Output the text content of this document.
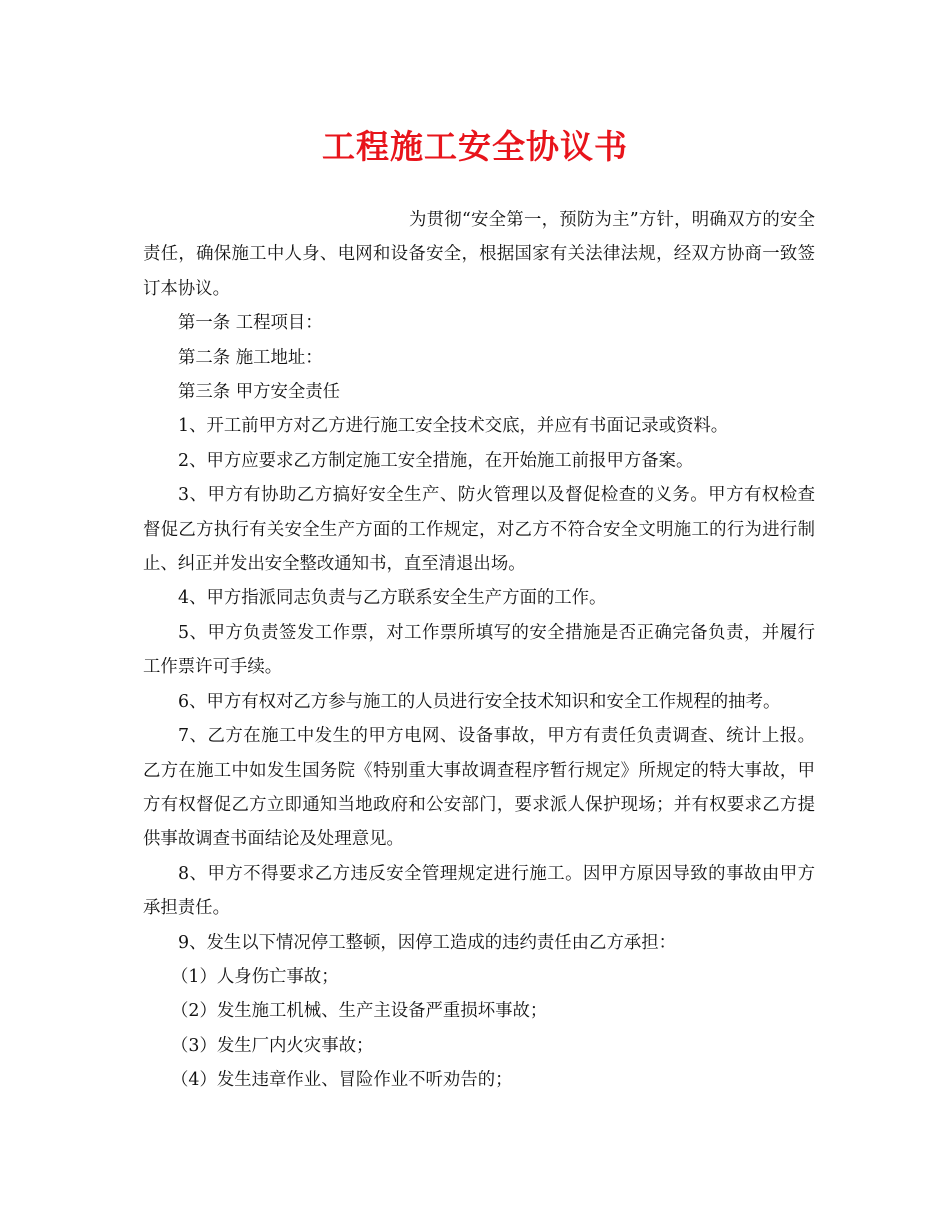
工程施工安全协议书

为贯彻“安全第一，预防为主”方针，明确双方的安全责任，确保施工中人身、电网和设备安全，根据国家有关法律法规，经双方协商一致签订本协议。

第一条 工程项目：

第二条 施工地址：

第三条 甲方安全责任

1、开工前甲方对乙方进行施工安全技术交底，并应有书面记录或资料。

2、甲方应要求乙方制定施工安全措施，在开始施工前报甲方备案。

3、甲方有协助乙方搞好安全生产、防火管理以及督促检查的义务。甲方有权检查督促乙方执行有关安全生产方面的工作规定，对乙方不符合安全文明施工的行为进行制止、纠正并发出安全整改通知书，直至清退出场。

4、甲方指派同志负责与乙方联系安全生产方面的工作。

5、甲方负责签发工作票，对工作票所填写的安全措施是否正确完备负责，并履行工作票许可手续。

6、甲方有权对乙方参与施工的人员进行安全技术知识和安全工作规程的抽考。

7、乙方在施工中发生的甲方电网、设备事故，甲方有责任负责调查、统计上报。乙方在施工中如发生国务院《特别重大事故调查程序暂行规定》所规定的特大事故，甲方有权督促乙方立即通知当地政府和公安部门，要求派人保护现场；并有权要求乙方提供事故调查书面结论及处理意见。

8、甲方不得要求乙方违反安全管理规定进行施工。因甲方原因导致的事故由甲方承担责任。

9、发生以下情况停工整顿，因停工造成的违约责任由乙方承担：

（1）人身伤亡事故；

（2）发生施工机械、生产主设备严重损坏事故；

（3）发生厂内火灾事故；

（4）发生违章作业、冒险作业不听劝告的；
